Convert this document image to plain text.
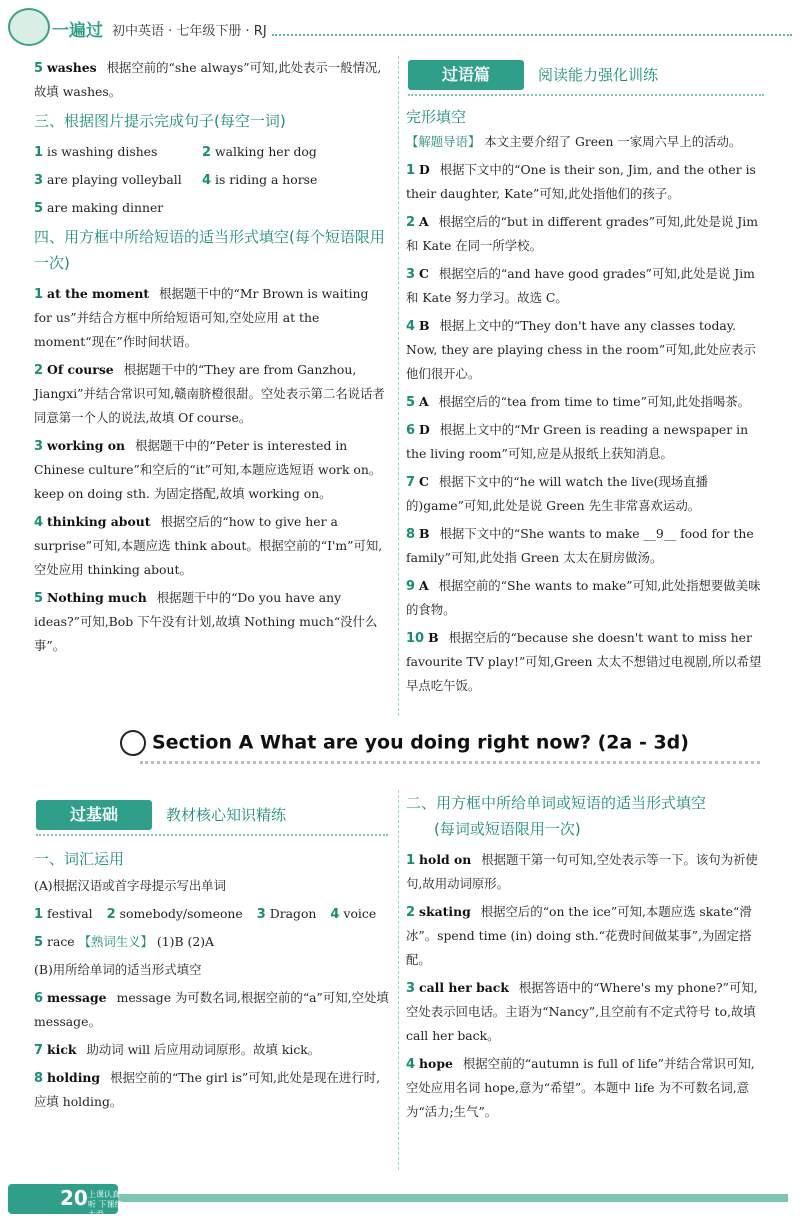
一遍过 初中英语 · 七年级下册 · RJ

5 washes 根据空前的“she always”可知,此处表示一般情况,故填 washes。

三、根据图片提示完成句子(每空一词)

1 is washing dishes	2 walking her dog

3 are playing volleyball	4 is riding a horse

5 are making dinner

四、用方框中所给短语的适当形式填空(每个短语限用一次)

1 at the moment 根据题干中的“Mr Brown is waiting for us”并结合方框中所给短语可知,空处应用 at the moment“现在”作时间状语。

2 Of course 根据题干中的“They are from Ganzhou, Jiangxi”并结合常识可知,赣南脐橙很甜。空处表示第二名说话者同意第一个人的说法,故填 Of course。

3 working on 根据题干中的“Peter is interested in Chinese culture”和空后的“it”可知,本题应选短语 work on。keep on doing sth. 为固定搭配,故填 working on。

4 thinking about 根据空后的“how to give her a surprise”可知,本题应选 think about。根据空前的“I'm”可知,空处应用 thinking about。

5 Nothing much 根据题干中的“Do you have any ideas?”可知,Bob 下午没有计划,故填 Nothing much“没什么事”。

过语篇	阅读能力强化训练
完形填空

【解题导语】 本文主要介绍了 Green 一家周六早上的活动。

1 D 根据下文中的“One is their son, Jim, and the other is their daughter, Kate”可知,此处指他们的孩子。

2 A 根据空后的“but in different grades”可知,此处是说 Jim 和 Kate 在同一所学校。

3 C 根据空后的“and have good grades”可知,此处是说 Jim 和 Kate 努力学习。故选 C。

4 B 根据上文中的“They don't have any classes today. Now, they are playing chess in the room”可知,此处应表示他们很开心。

5 A 根据空后的“tea from time to time”可知,此处指喝茶。

6 D 根据上文中的“Mr Green is reading a newspaper in the living room”可知,应是从报纸上获知消息。

7 C 根据下文中的“he will watch the live(现场直播的)game”可知,此处是说 Green 先生非常喜欢运动。

8 B 根据下文中的“She wants to make __9__ food for the family”可知,此处指 Green 太太在厨房做汤。

9 A 根据空前的“She wants to make”可知,此处指想要做美味的食物。

10 B 根据空后的“because she doesn't want to miss her favourite TV play!”可知,Green 太太不想错过电视剧,所以希望早点吃午饭。

Section A What are you doing right now? (2a - 3d)
过基础	教材核心知识精练
一、词汇运用

(A)根据汉语或首字母提示写出单词

1 festival 2 somebody/someone 3 Dragon 4 voice

5 race 【熟词生义】 (1)B (2)A

(B)用所给单词的适当形式填空

6 message message 为可数名词,根据空前的“a”可知,空处填 message。

7 kick 助动词 will 后应用动词原形。故填 kick。

8 holding 根据空前的“The girl is”可知,此处是现在进行时,应填 holding。

二、用方框中所给单词或短语的适当形式填空
(每词或短语限用一次)

1 hold on 根据题干第一句可知,空处表示等一下。该句为祈使句,故用动词原形。

2 skating 根据空后的“on the ice”可知,本题应选 skate“滑冰”。spend time (in) doing sth.“花费时间做某事”,为固定搭配。

3 call her back 根据答语中的“Where's my phone?”可知,空处表示回电话。主语为“Nancy”,且空前有不定式符号 to,故填 call her back。

4 hope 根据空前的“autumn is full of life”并结合常识可知,空处应用名词 hope,意为“希望”。本题中 life 为不可数名词,意为“活力;生气”。

20 上课认真听 下课练太爱
